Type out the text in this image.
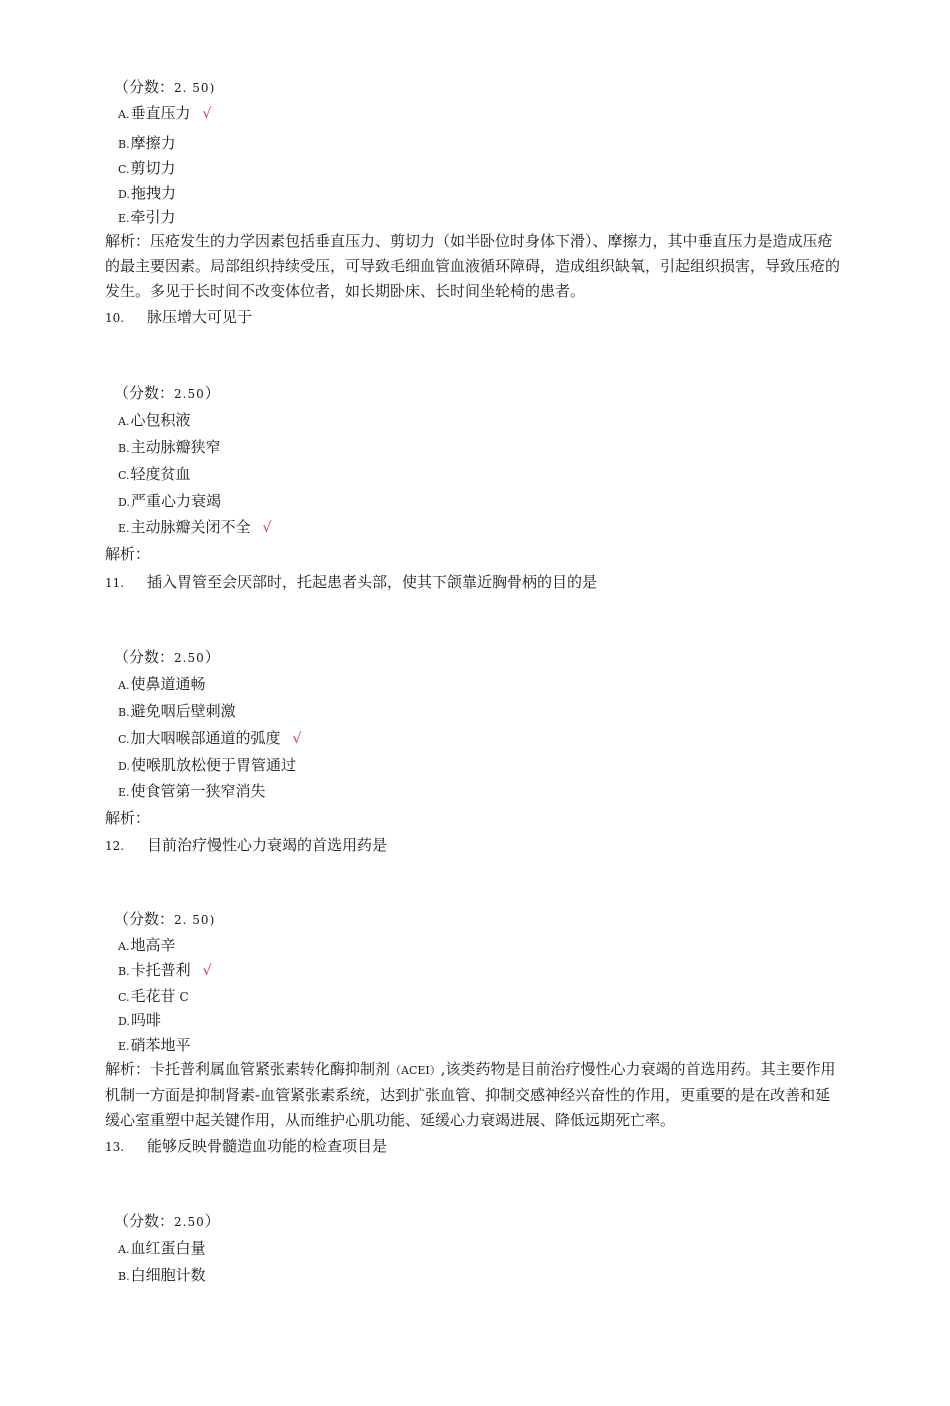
（分数：2. 50)
A.垂直压力 √
B.摩擦力
C.剪切力
D.拖拽力
E.牵引力
解析：压疮发生的力学因素包括垂直压力、剪切力（如半卧位时身体下滑）、摩擦力，其中垂直压力是造成压疮的最主要因素。局部组织持续受压，可导致毛细血管血液循环障碍，造成组织缺氧，引起组织损害，导致压疮的发生。多见于长时间不改变体位者，如长期卧床、长时间坐轮椅的患者。
10. 脉压增大可见于
（分数：2.50）
A.心包积液
B.主动脉瓣狭窄
C.轻度贫血
D.严重心力衰竭
E.主动脉瓣关闭不全 √
解析：
11. 插入胃管至会厌部时，托起患者头部，使其下颌靠近胸骨柄的目的是
（分数：2.50）
A.使鼻道通畅
B.避免咽后壁刺激
C.加大咽喉部通道的弧度 √
D.使喉肌放松便于胃管通过
E.使食管第一狭窄消失
解析：
12. 目前治疗慢性心力衰竭的首选用药是
（分数：2. 50)
A.地高辛
B.卡托普利 √
C.毛花苷 C
D.吗啡
E.硝苯地平
解析：卡托普利属血管紧张素转化酶抑制剂（ACEI）,该类药物是目前治疗慢性心力衰竭的首选用药。其主要作用机制一方面是抑制肾素-血管紧张素系统，达到扩张血管、抑制交感神经兴奋性的作用，更重要的是在改善和延缓心室重塑中起关键作用，从而维护心肌功能、延缓心力衰竭进展、降低远期死亡率。
13. 能够反映骨髓造血功能的检查项目是
（分数：2.50）
A.血红蛋白量
B.白细胞计数
